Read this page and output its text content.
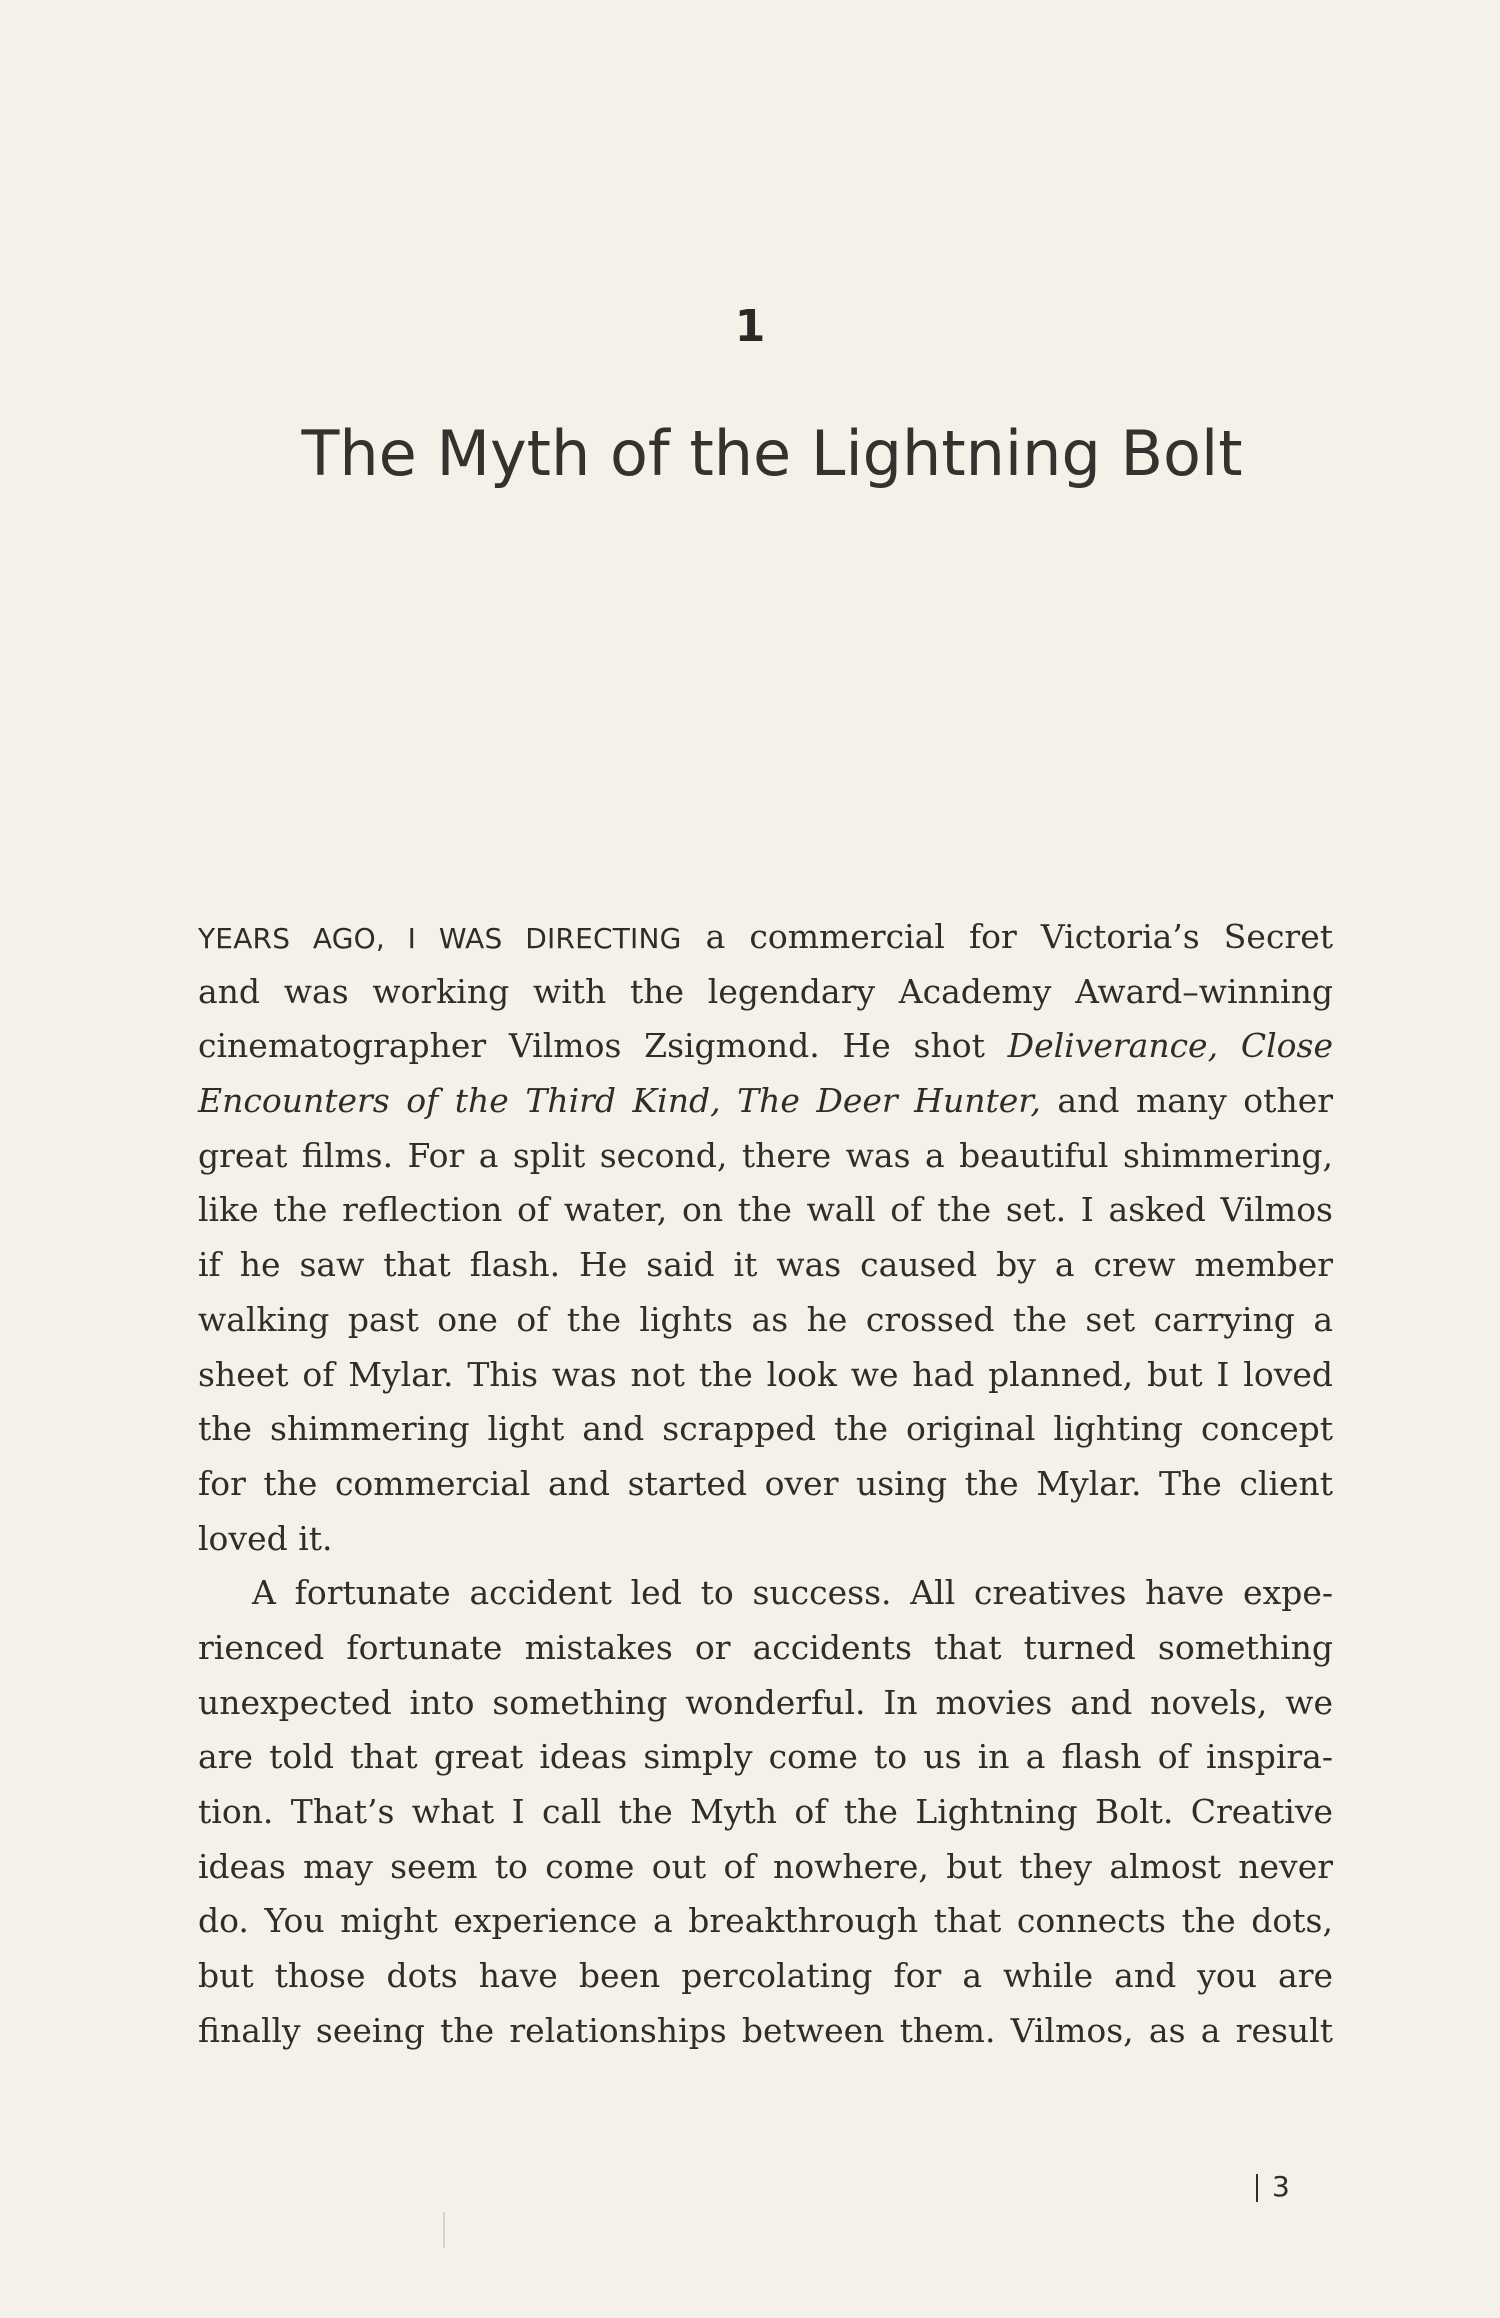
1
The Myth of the Lightning Bolt
YEARS AGO, I WAS DIRECTING a commercial for Victoria’s Secret
and was working with the legendary Academy Award–winning
cinematographer Vilmos Zsigmond. He shot Deliverance, Close
Encounters of the Third Kind, The Deer Hunter, and many other
great films. For a split second, there was a beautiful shimmering,
like the reflection of water, on the wall of the set. I asked Vilmos
if he saw that flash. He said it was caused by a crew member
walking past one of the lights as he crossed the set carrying a
sheet of Mylar. This was not the look we had planned, but I loved
the shimmering light and scrapped the original lighting concept
for the commercial and started over using the Mylar. The client
loved it.
A fortunate accident led to success. All creatives have expe-
rienced fortunate mistakes or accidents that turned something
unexpected into something wonderful. In movies and novels, we
are told that great ideas simply come to us in a flash of inspira-
tion. That’s what I call the Myth of the Lightning Bolt. Creative
ideas may seem to come out of nowhere, but they almost never
do. You might experience a breakthrough that connects the dots,
but those dots have been percolating for a while and you are
finally seeing the relationships between them. Vilmos, as a result
3
